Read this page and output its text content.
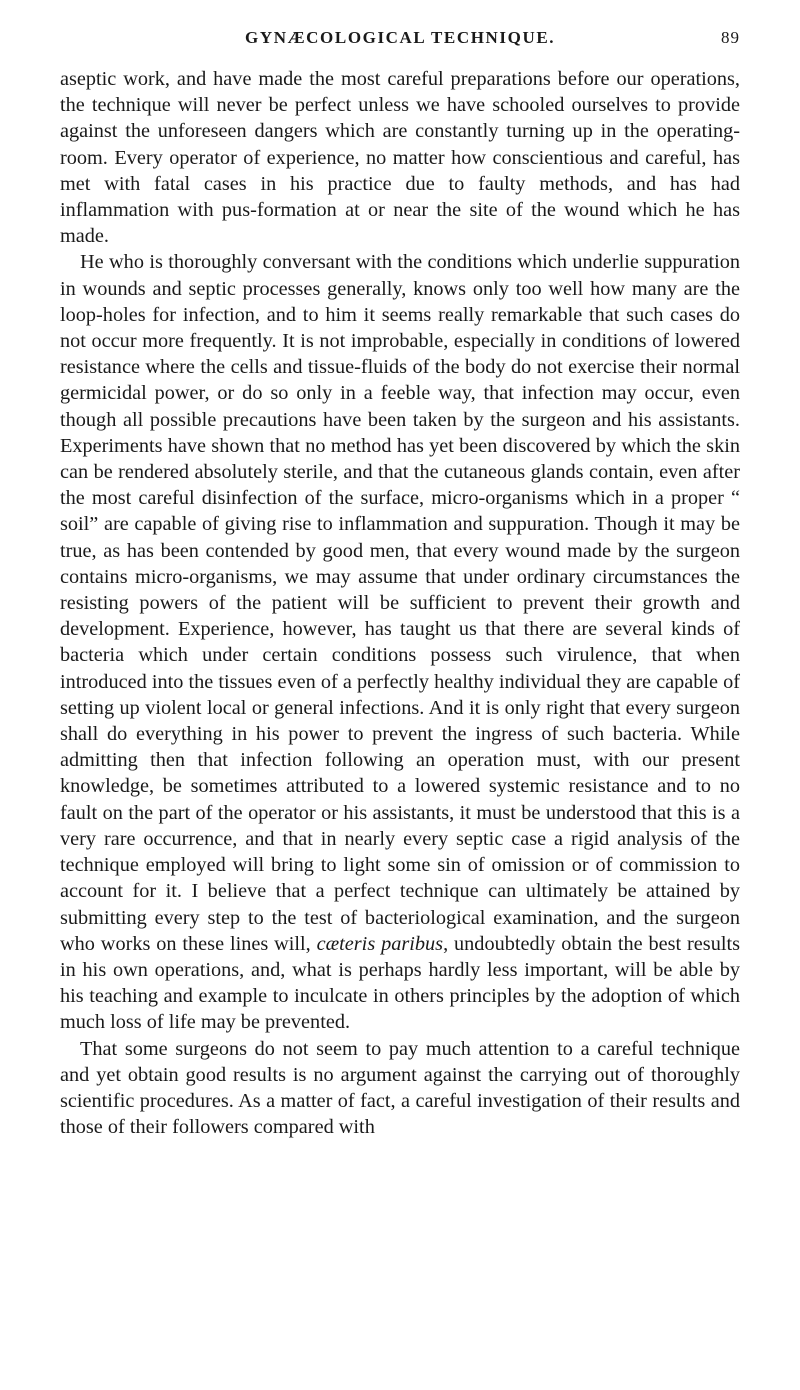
GYNÆCOLOGICAL TECHNIQUE.	89

aseptic work, and have made the most careful preparations before our operations, the technique will never be perfect unless we have schooled ourselves to provide against the unforeseen dangers which are constantly turning up in the operating-room. Every operator of experience, no matter how conscientious and careful, has met with fatal cases in his practice due to faulty methods, and has had inflammation with pus-formation at or near the site of the wound which he has made.

He who is thoroughly conversant with the conditions which underlie suppuration in wounds and septic processes generally, knows only too well how many are the loop-holes for infection, and to him it seems really remarkable that such cases do not occur more frequently. It is not improbable, especially in conditions of lowered resistance where the cells and tissue-fluids of the body do not exercise their normal germicidal power, or do so only in a feeble way, that infection may occur, even though all possible precautions have been taken by the surgeon and his assistants. Experiments have shown that no method has yet been discovered by which the skin can be rendered absolutely sterile, and that the cutaneous glands contain, even after the most careful disinfection of the surface, micro-organisms which in a proper “ soil” are capable of giving rise to inflammation and suppuration. Though it may be true, as has been contended by good men, that every wound made by the surgeon contains micro-organisms, we may assume that under ordinary circumstances the resisting powers of the patient will be sufficient to prevent their growth and development. Experience, however, has taught us that there are several kinds of bacteria which under certain conditions possess such virulence, that when introduced into the tissues even of a perfectly healthy individual they are capable of setting up violent local or general infections. And it is only right that every surgeon shall do everything in his power to prevent the ingress of such bacteria. While admitting then that infection following an operation must, with our present knowledge, be sometimes attributed to a lowered systemic resistance and to no fault on the part of the operator or his assistants, it must be understood that this is a very rare occurrence, and that in nearly every septic case a rigid analysis of the technique employed will bring to light some sin of omission or of commission to account for it. I believe that a perfect technique can ultimately be attained by submitting every step to the test of bacteriological examination, and the surgeon who works on these lines will, cæteris paribus, undoubtedly obtain the best results in his own operations, and, what is perhaps hardly less important, will be able by his teaching and example to inculcate in others principles by the adoption of which much loss of life may be prevented.

That some surgeons do not seem to pay much attention to a careful technique and yet obtain good results is no argument against the carrying out of thoroughly scientific procedures. As a matter of fact, a careful investigation of their results and those of their followers compared with
